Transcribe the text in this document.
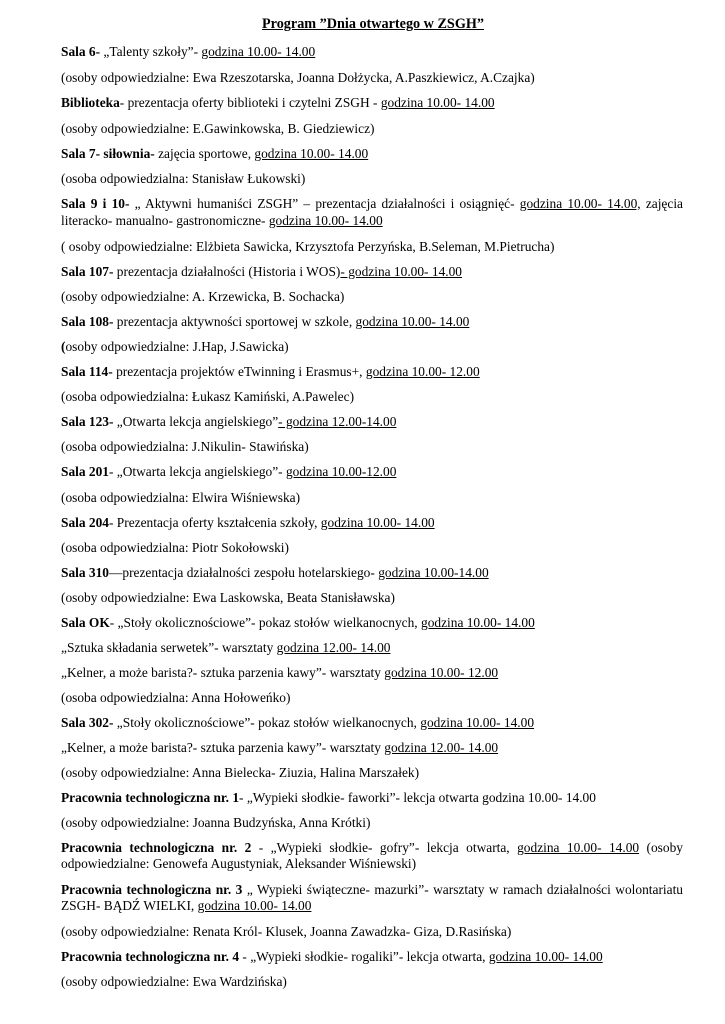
Program ”Dnia otwartego w ZSGH”
Sala 6- „Talenty szkoły”- godzina 10.00- 14.00
(osoby odpowiedzialne: Ewa Rzeszotarska, Joanna Dołżycka, A.Paszkiewicz, A.Czajka)
Biblioteka- prezentacja oferty biblioteki i czytelni ZSGH - godzina 10.00- 14.00
(osoby odpowiedzialne: E.Gawinkowska, B. Giedziewicz)
Sala 7- siłownia- zajęcia sportowe, godzina 10.00- 14.00
(osoba odpowiedzialna: Stanisław Łukowski)
Sala 9 i 10- „ Aktywni humaniści ZSGH” – prezentacja działalności i osiągnięć- godzina 10.00- 14.00, zajęcia
literacko- manualno- gastronomiczne- godzina 10.00- 14.00
( osoby odpowiedzialne: Elżbieta Sawicka, Krzysztofa Perzyńska, B.Seleman, M.Pietrucha)
Sala 107- prezentacja działalności (Historia i WOS)- godzina 10.00- 14.00
(osoby odpowiedzialne: A. Krzewicka, B. Sochacka)
Sala 108- prezentacja aktywności sportowej w szkole, godzina 10.00- 14.00
(osoby odpowiedzialne: J.Hap, J.Sawicka)
Sala 114- prezentacja projektów eTwinning i Erasmus+, godzina 10.00- 12.00
(osoba odpowiedzialna: Łukasz Kamiński, A.Pawelec)
Sala 123- „Otwarta lekcja angielskiego”- godzina 12.00-14.00
(osoba odpowiedzialna: J.Nikulin- Stawińska)
Sala 201- „Otwarta lekcja angielskiego”- godzina 10.00-12.00
(osoba odpowiedzialna: Elwira Wiśniewska)
Sala 204- Prezentacja oferty kształcenia szkoły, godzina 10.00- 14.00
(osoba odpowiedzialna: Piotr Sokołowski)
Sala 310—prezentacja działalności zespołu hotelarskiego- godzina 10.00-14.00
(osoby odpowiedzialne: Ewa Laskowska, Beata Stanisławska)
Sala OK- „Stoły okolicznościowe”- pokaz stołów wielkanocnych, godzina 10.00- 14.00
„Sztuka składania serwetek”- warsztaty godzina 12.00- 14.00
„Kelner, a może barista?- sztuka parzenia kawy”- warsztaty godzina 10.00- 12.00
(osoba odpowiedzialna: Anna Hołoweńko)
Sala 302- „Stoły okolicznościowe”- pokaz stołów wielkanocnych, godzina 10.00- 14.00
„Kelner, a może barista?- sztuka parzenia kawy”- warsztaty godzina 12.00- 14.00
(osoby odpowiedzialne: Anna Bielecka- Ziuzia, Halina Marszałek)
Pracownia technologiczna nr. 1- „Wypieki słodkie- faworki”- lekcja otwarta godzina 10.00- 14.00
(osoby odpowiedzialne: Joanna Budzyńska, Anna Krótki)
Pracownia technologiczna nr. 2 - „Wypieki słodkie- gofry”- lekcja otwarta, godzina 10.00- 14.00 (osoby
odpowiedzialne: Genowefa Augustyniak, Aleksander Wiśniewski)
Pracownia technologiczna nr. 3 „ Wypieki świąteczne- mazurki”- warsztaty w ramach działalności wolontariatu
ZSGH- BĄDŹ WIELKI, godzina 10.00- 14.00
(osoby odpowiedzialne: Renata Król- Klusek, Joanna Zawadzka- Giza, D.Rasińska)
Pracownia technologiczna nr. 4 - „Wypieki słodkie- rogaliki”- lekcja otwarta, godzina 10.00- 14.00
(osoby odpowiedzialne: Ewa Wardzińska)
